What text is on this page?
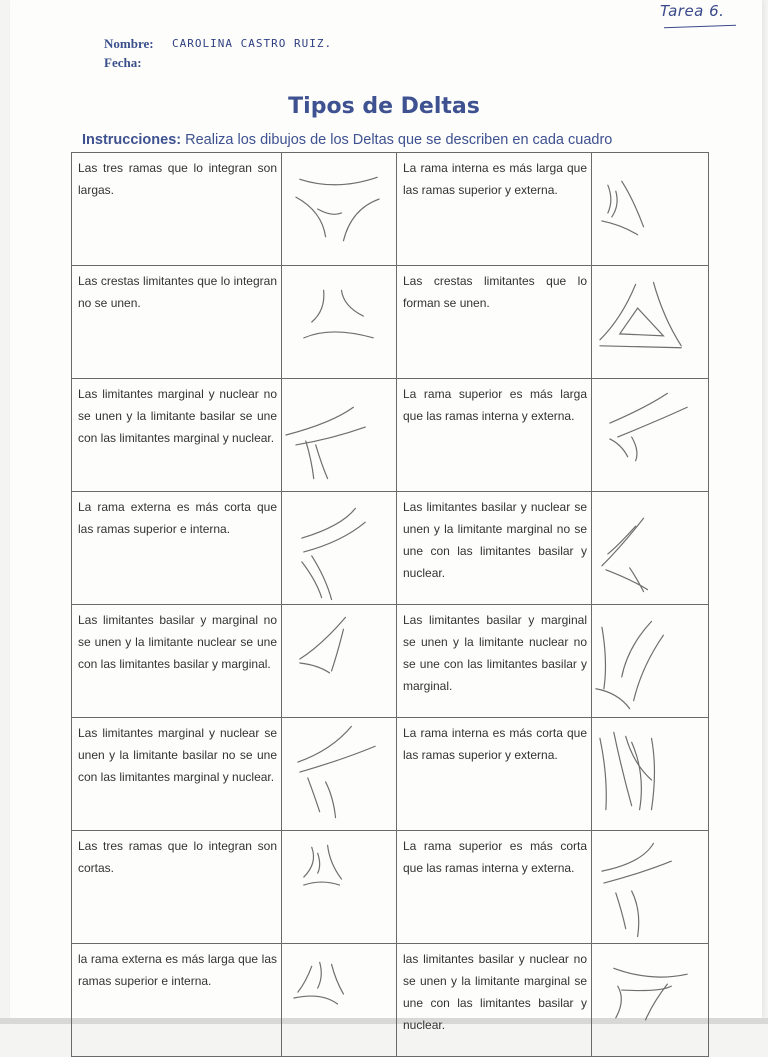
Tarea 6.
Nombre: CAROLINA CASTRO RUIZ.
Fecha:
Tipos de Deltas
Instrucciones: Realiza los dibujos de los Deltas que se describen en cada cuadro
Las tres ramas que lo integran son largas.		La rama interna es más larga que las ramas superior y externa.	

Las crestas limitantes que lo integran no se unen.		Las crestas limitantes que lo forman se unen.	

Las limitantes marginal y nuclear no se unen y la limitante basilar se une con las limitantes marginal y nuclear.		La rama superior es más larga que las ramas interna y externa.	

La rama externa es más corta que las ramas superior e interna.		Las limitantes basilar y nuclear se unen y la limitante marginal no se une con las limitantes basilar y nuclear.	

Las limitantes basilar y marginal no se unen y la limitante nuclear se une con las limitantes basilar y marginal.		Las limitantes basilar y marginal se unen y la limitante nuclear no se une con las limitantes basilar y marginal.	

Las limitantes marginal y nuclear se unen y la limitante basilar no se une con las limitantes marginal y nuclear.		La rama interna es más corta que las ramas superior y externa.	

Las tres ramas que lo integran son cortas.		La rama superior es más corta que las ramas interna y externa.	

la rama externa es más larga que las ramas superior e interna.		las limitantes basilar y nuclear no se unen y la limitante marginal se une con las limitantes basilar y nuclear.	
